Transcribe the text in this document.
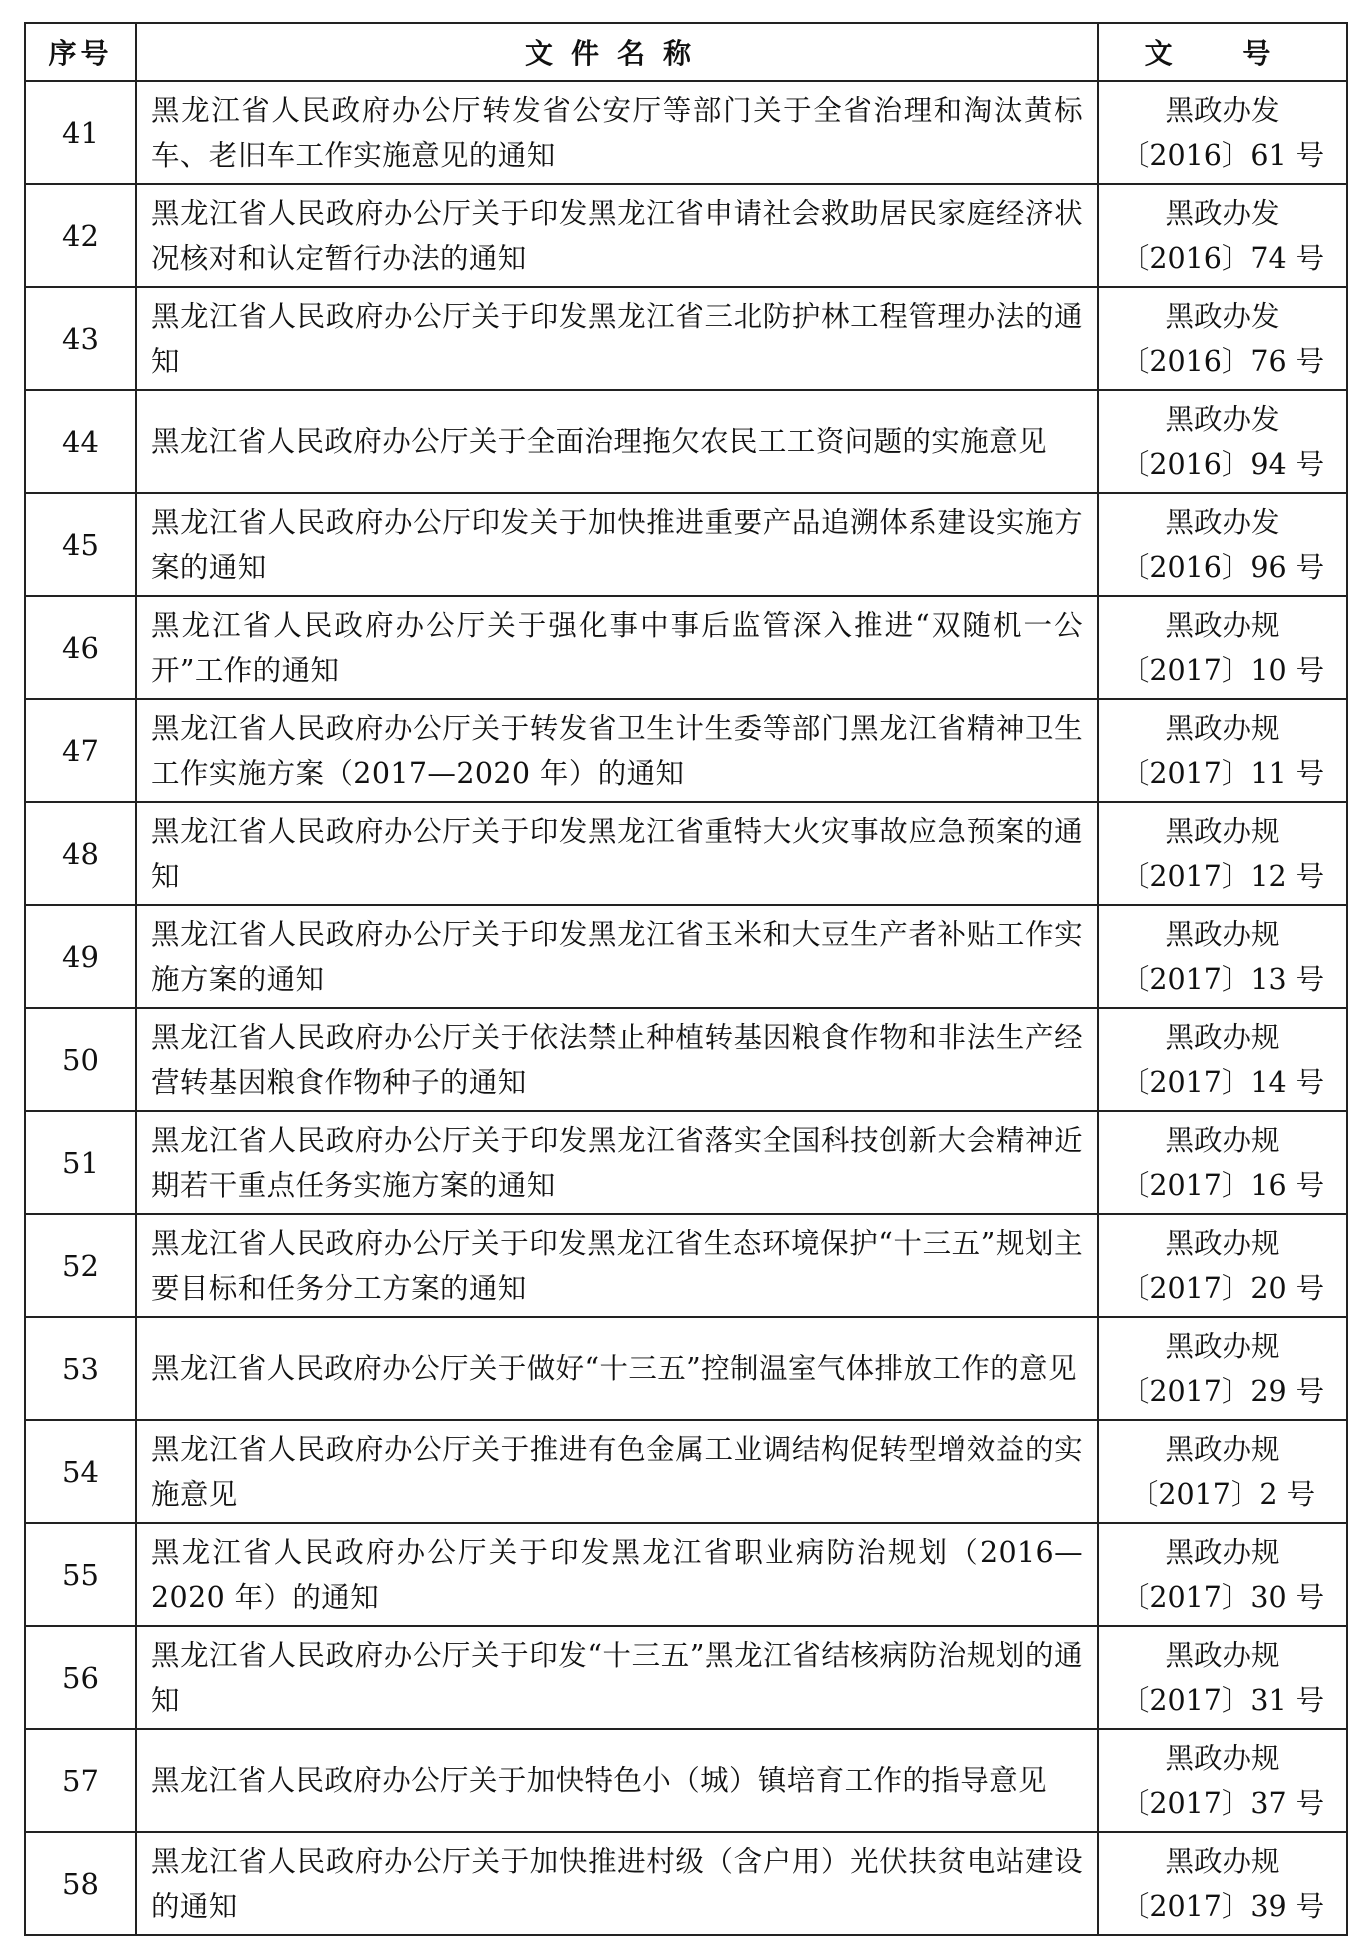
序号	文件名称	文 号
41	黑龙江省人民政府办公厅转发省公安厅等部门关于全省治理和淘汰黄标车、老旧车工作实施意见的通知	黑政办发
〔2016〕61 号

42	黑龙江省人民政府办公厅关于印发黑龙江省申请社会救助居民家庭经济状况核对和认定暂行办法的通知	黑政办发
〔2016〕74 号

43	黑龙江省人民政府办公厅关于印发黑龙江省三北防护林工程管理办法的通知	黑政办发
〔2016〕76 号

44	黑龙江省人民政府办公厅关于全面治理拖欠农民工工资问题的实施意见	黑政办发
〔2016〕94 号

45	黑龙江省人民政府办公厅印发关于加快推进重要产品追溯体系建设实施方案的通知	黑政办发
〔2016〕96 号

46	黑龙江省人民政府办公厅关于强化事中事后监管深入推进“双随机一公开”工作的通知	黑政办规
〔2017〕10 号

47	黑龙江省人民政府办公厅关于转发省卫生计生委等部门黑龙江省精神卫生工作实施方案（2017—2020 年）的通知	黑政办规
〔2017〕11 号

48	黑龙江省人民政府办公厅关于印发黑龙江省重特大火灾事故应急预案的通知	黑政办规
〔2017〕12 号

49	黑龙江省人民政府办公厅关于印发黑龙江省玉米和大豆生产者补贴工作实施方案的通知	黑政办规
〔2017〕13 号

50	黑龙江省人民政府办公厅关于依法禁止种植转基因粮食作物和非法生产经营转基因粮食作物种子的通知	黑政办规
〔2017〕14 号

51	黑龙江省人民政府办公厅关于印发黑龙江省落实全国科技创新大会精神近期若干重点任务实施方案的通知	黑政办规
〔2017〕16 号

52	黑龙江省人民政府办公厅关于印发黑龙江省生态环境保护“十三五”规划主要目标和任务分工方案的通知	黑政办规
〔2017〕20 号

53	黑龙江省人民政府办公厅关于做好“十三五”控制温室气体排放工作的意见	黑政办规
〔2017〕29 号

54	黑龙江省人民政府办公厅关于推进有色金属工业调结构促转型增效益的实施意见	黑政办规
〔2017〕2 号

55	黑龙江省人民政府办公厅关于印发黑龙江省职业病防治规划（2016—2020 年）的通知	黑政办规
〔2017〕30 号

56	黑龙江省人民政府办公厅关于印发“十三五”黑龙江省结核病防治规划的通知	黑政办规
〔2017〕31 号

57	黑龙江省人民政府办公厅关于加快特色小（城）镇培育工作的指导意见	黑政办规
〔2017〕37 号

58	黑龙江省人民政府办公厅关于加快推进村级（含户用）光伏扶贫电站建设的通知	黑政办规
〔2017〕39 号
